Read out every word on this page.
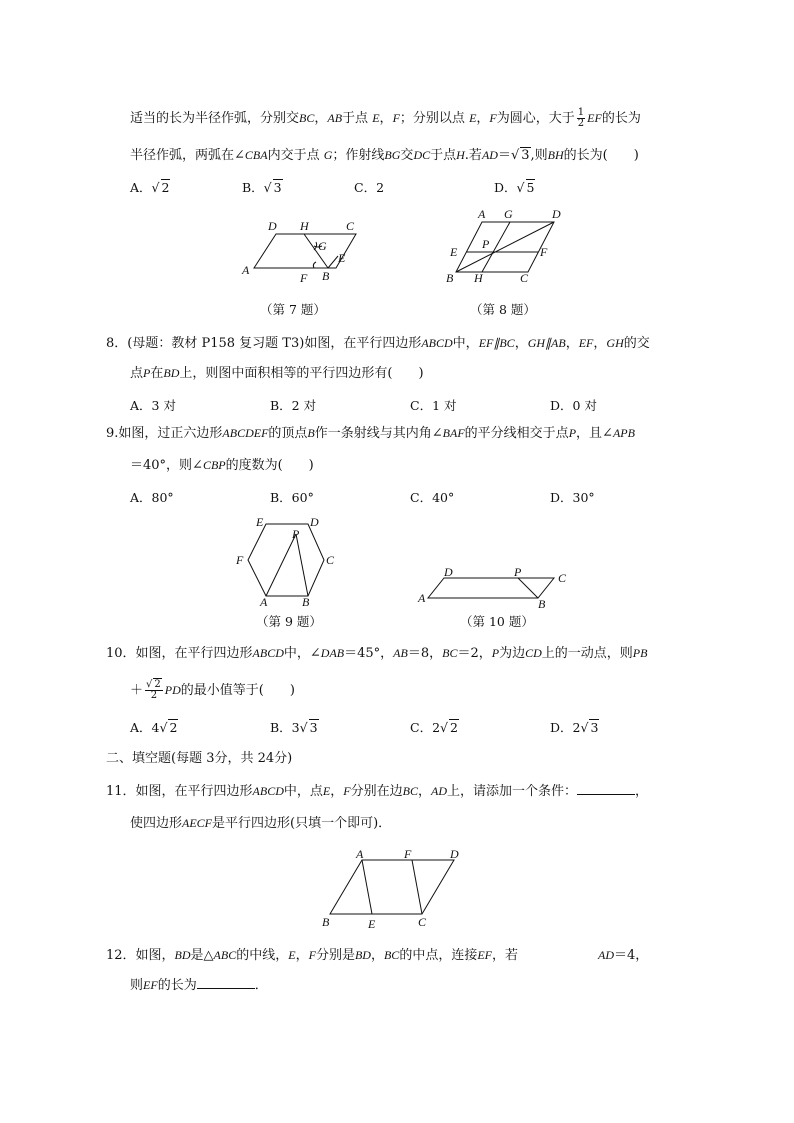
适当的长为半径作弧，分别交BC，AB于点 E，F；分别以点 E，F为圆心，大于 $\frac{1}{2}$ EF的长为
半径作弧，两弧在∠CBA内交于点 G；作射线BG交DC于点H.若AD＝√ 3,则BH的长为(　　)
A．√ 2	B．√ 3	C．2	D．√ 5
D H	C
G
E
A
F B
（第 7 题）
A G	D
E
P
F
B H	C
（第 8 题）
8．(母题：教材 P158 复习题 T3)如图，在平行四边形ABCD中，EF∥BC，GH∥AB，EF，GH的交
点P在BD上，则图中面积相等的平行四边形有(　　)
A．3 对	B．2 对	C．1 对	D．0 对
9.如图，过正六边形ABCDEF的顶点B作一条射线与其内角∠BAF的平分线相交于点P，且∠APB
＝40°，则∠CBP的度数为(　　)
A．80°	B．60°	C．40°	D．30°
E	D
P
F	C
A	B
（第 9 题）
D	P	C
A	B
（第 10 题）
10．如图，在平行四边形ABCD中，∠DAB＝45°，AB＝8，BC＝2，P为边CD上的一动点，则PB
＋ $\frac{√ 2}{2}$ PD的最小值等于(　　)
A．4√ 2	B．3√ 3	C．2√ 2	D．2√ 3
二、填空题(每题 3分，共 24分)
11．如图，在平行四边形ABCD中，点E，F分别在边BC，AD上，请添加一个条件：	，
使四边形AECF是平行四边形(只填一个即可)．
A	F	D
B	E	C
12．如图，BD是△ABC的中线，E，F分别是BD，BC的中点，连接EF，若	AD＝4，
则EF的长为	．
